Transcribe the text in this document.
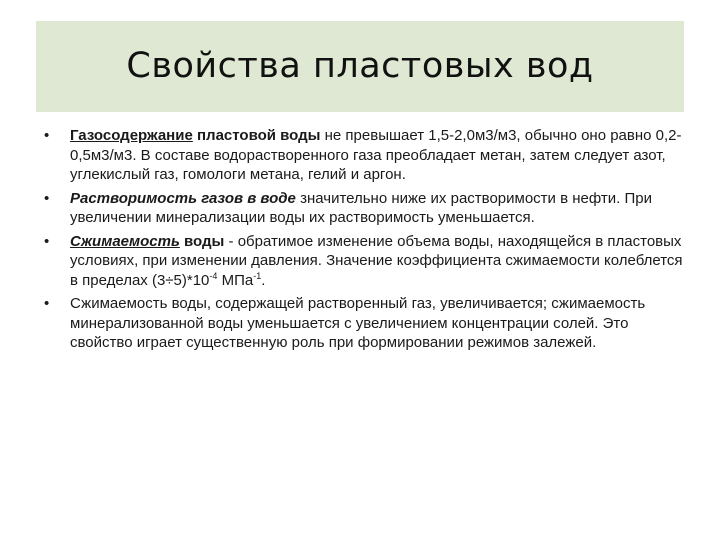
Свойства пластовых вод
• Газосодержание пластовой воды не превышает 1,5-2,0м3/м3, обычно оно равно 0,2-0,5м3/м3. В составе водорастворенного газа преобладает метан, затем следует азот, углекислый газ, гомологи метана, гелий и аргон.
• Растворимость газов в воде значительно ниже их растворимости в нефти. При увеличении минерализации воды их растворимость уменьшается.
• Сжимаемость воды - обратимое изменение объема воды, находящейся в пластовых условиях, при изменении давления. Значение коэффициента сжимаемости колеблется в пределах $(3\div 5)*10^{-4}$ МПа$^{-1}$.
• Сжимаемость воды, содержащей растворенный газ, увеличивается; сжимаемость минерализованной воды уменьшается с увеличением концентрации солей. Это свойство играет существенную роль при формировании режимов залежей.
